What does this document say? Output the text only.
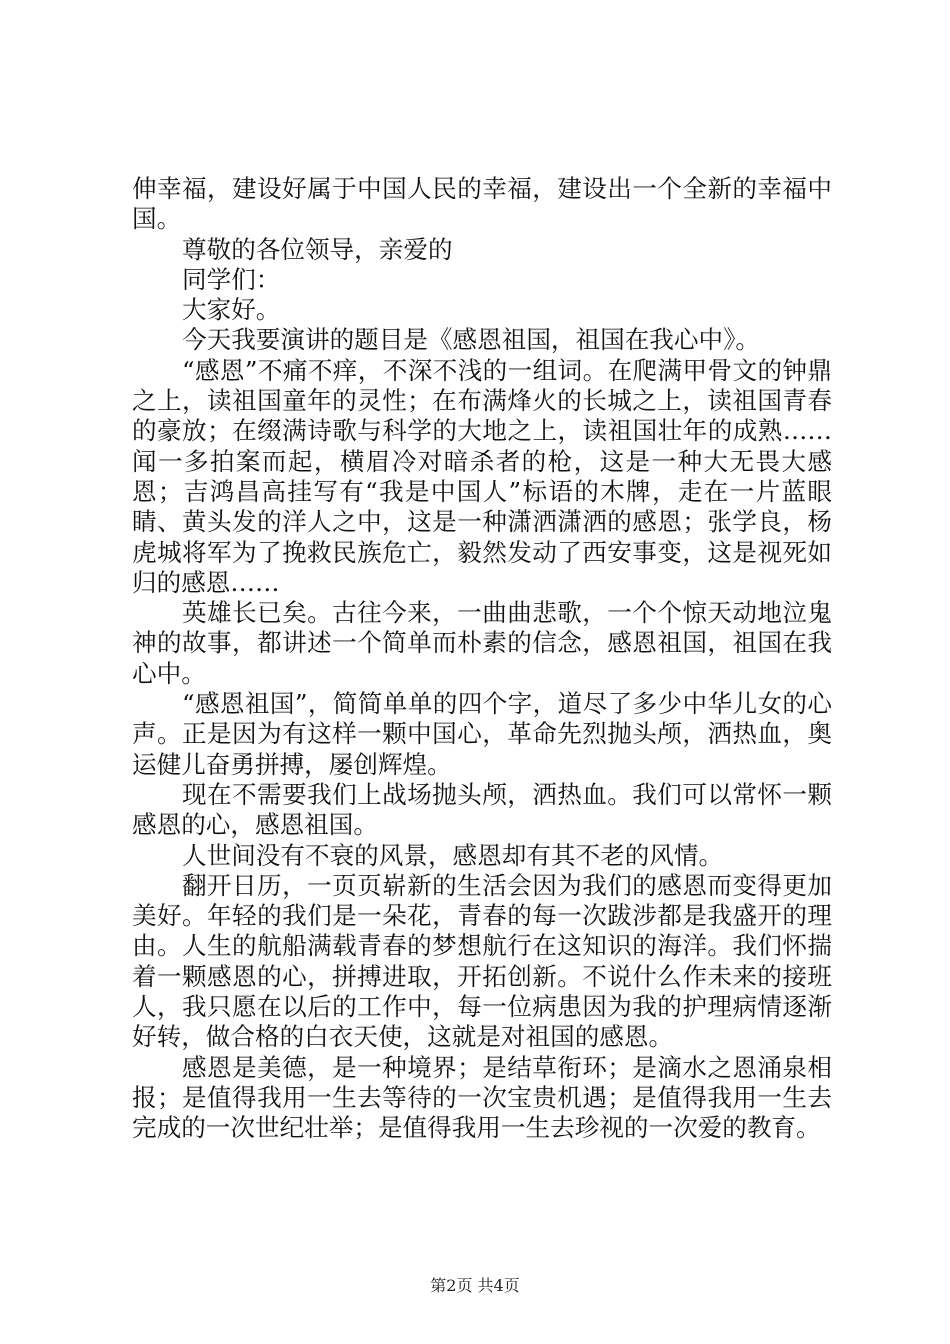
伸幸福，建设好属于中国人民的幸福，建设出一个全新的幸福中国。

尊敬的各位领导，亲爱的

同学们：

大家好。

今天我要演讲的题目是《感恩祖国，祖国在我心中》。

“感恩”不痛不痒，不深不浅的一组词。在爬满甲骨文的钟鼎之上，读祖国童年的灵性；在布满烽火的长城之上，读祖国青春的豪放；在缀满诗歌与科学的大地之上，读祖国壮年的成熟……闻一多拍案而起，横眉冷对暗杀者的枪，这是一种大无畏大感恩；吉鸿昌高挂写有“我是中国人”标语的木牌，走在一片蓝眼睛、黄头发的洋人之中，这是一种潇洒潇洒的感恩；张学良，杨虎城将军为了挽救民族危亡，毅然发动了西安事变，这是视死如归的感恩……

英雄长已矣。古往今来，一曲曲悲歌，一个个惊天动地泣鬼神的故事，都讲述一个简单而朴素的信念，感恩祖国，祖国在我心中。

“感恩祖国”，简简单单的四个字，道尽了多少中华儿女的心声。正是因为有这样一颗中国心，革命先烈抛头颅，洒热血，奥运健儿奋勇拼搏，屡创辉煌。

现在不需要我们上战场抛头颅，洒热血。我们可以常怀一颗感恩的心，感恩祖国。

人世间没有不衰的风景，感恩却有其不老的风情。

翻开日历，一页页崭新的生活会因为我们的感恩而变得更加美好。年轻的我们是一朵花，青春的每一次跋涉都是我盛开的理由。人生的航船满载青春的梦想航行在这知识的海洋。我们怀揣着一颗感恩的心，拼搏进取，开拓创新。不说什么作未来的接班人，我只愿在以后的工作中，每一位病患因为我的护理病情逐渐好转，做合格的白衣天使，这就是对祖国的感恩。

感恩是美德，是一种境界；是结草衔环；是滴水之恩涌泉相报；是值得我用一生去等待的一次宝贵机遇；是值得我用一生去完成的一次世纪壮举；是值得我用一生去珍视的一次爱的教育。

第2页 共4页
